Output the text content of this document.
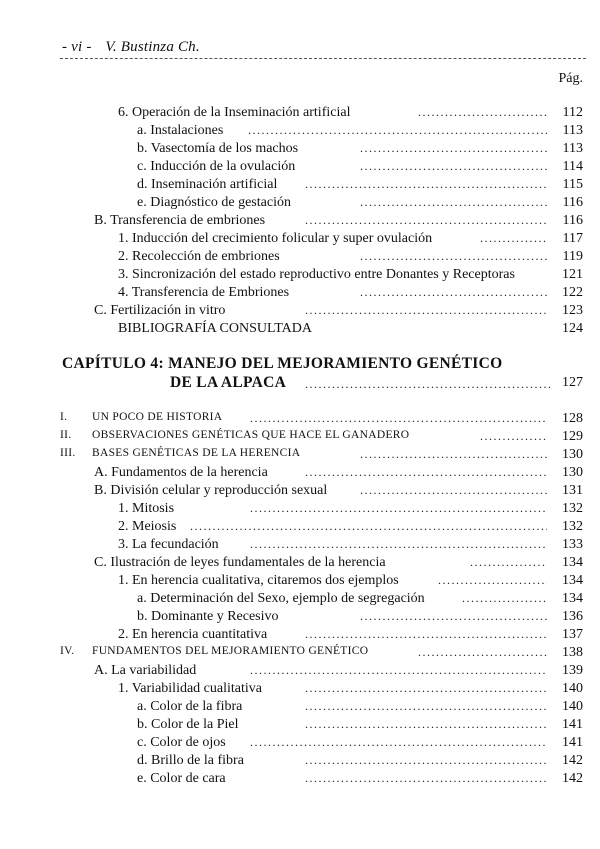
- vi - V. Bustinza Ch.
Pág.
6. Operación de la Inseminación artificial .....	112
a. Instalaciones .....	113
b. Vasectomía de los machos .....	113
c. Inducción de la ovulación .....	114
d. Inseminación artificial .....	115
e. Diagnóstico de gestación .....	116
B. Transferencia de embriones .....	116
1. Inducción del crecimiento folicular y super ovulación .....	117
2. Recolección de embriones .....	119
3. Sincronización del estado reproductivo entre Donantes y Receptoras	121
4. Transferencia de Embriones .....	122
C. Fertilización in vitro .....	123
BIBLIOGRAFÍA CONSULTADA	124
I. UN POCO DE HISTORIA .....	128
II. OBSERVACIONES GENÉTICAS QUE HACE EL GANADERO .....	129
III. BASES GENÉTICAS DE LA HERENCIA .....	130
A. Fundamentos de la herencia .....	130
B. División celular y reproducción sexual .....	131
1. Mitosis .....	132
2. Meiosis .....	132
3. La fecundación .....	133
C. Ilustración de leyes fundamentales de la herencia .....	134
1. En herencia cualitativa, citaremos dos ejemplos .....	134
a. Determinación del Sexo, ejemplo de segregación .....	134
b. Dominante y Recesivo .....	136
2. En herencia cuantitativa .....	137
IV. FUNDAMENTOS DEL MEJORAMIENTO GENÉTICO .....	138
A. La variabilidad .....	139
1. Variabilidad cualitativa .....	140
a. Color de la fibra .....	140
b. Color de la Piel .....	141
c. Color de ojos .....	141
d. Brillo de la fibra .....	142
e. Color de cara .....	142
CAPÍTULO 4: MANEJO DEL MEJORAMIENTO GENÉTICO
DE LA ALPACA .....	127
